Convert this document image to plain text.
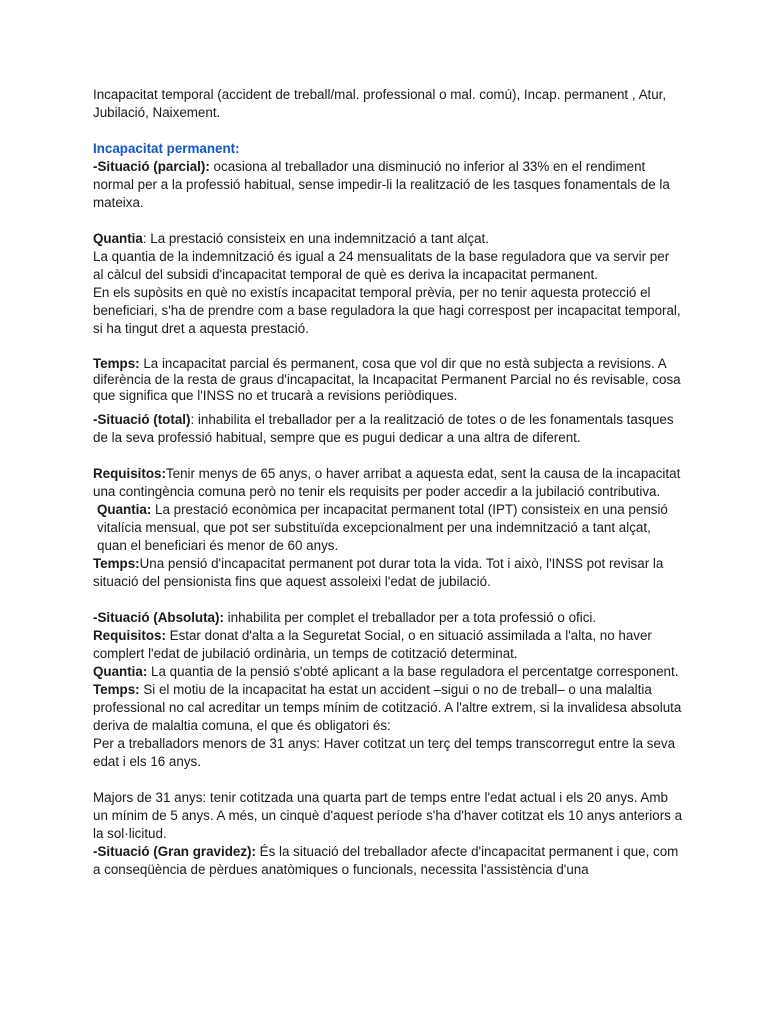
Incapacitat temporal (accident de treball/mal. professional o mal. comú), Incap. permanent , Atur, Jubilació, Naixement.

Incapacitat permanent:

-Situació (parcial): ocasiona al treballador una disminució no inferior al 33% en el rendiment normal per a la professió habitual, sense impedir-li la realització de les tasques fonamentals de la mateixa.

Quantia: La prestació consisteix en una indemnització a tant alçat.

La quantia de la indemnització és igual a 24 mensualitats de la base reguladora que va servir per al càlcul del subsidi d'incapacitat temporal de què es deriva la incapacitat permanent.

En els supòsits en què no existís incapacitat temporal prèvia, per no tenir aquesta protecció el beneficiari, s'ha de prendre com a base reguladora la que hagi correspost per incapacitat temporal, si ha tingut dret a aquesta prestació.

Temps: La incapacitat parcial és permanent, cosa que vol dir que no està subjecta a revisions. A diferència de la resta de graus d'incapacitat, la Incapacitat Permanent Parcial no és revisable, cosa que significa que l'INSS no et trucarà a revisions periòdiques.

-Situació (total): inhabilita el treballador per a la realització de totes o de les fonamentals tasques de la seva professió habitual, sempre que es pugui dedicar a una altra de diferent.

Requisitos:Tenir menys de 65 anys, o haver arribat a aquesta edat, sent la causa de la incapacitat una contingència comuna però no tenir els requisits per poder accedir a la jubilació contributiva.

Quantia: La prestació econòmica per incapacitat permanent total (IPT) consisteix en una pensió vitalícia mensual, que pot ser substituïda excepcionalment per una indemnització a tant alçat, quan el beneficiari és menor de 60 anys.

Temps:Una pensió d'incapacitat permanent pot durar tota la vida. Tot i això, l'INSS pot revisar la situació del pensionista fins que aquest assoleixi l'edat de jubilació.

-Situació (Absoluta): inhabilita per complet el treballador per a tota professió o ofici.

Requisitos: Estar donat d'alta a la Seguretat Social, o en situació assimilada a l'alta, no haver complert l'edat de jubilació ordinària, un temps de cotització determinat.

Quantia: La quantia de la pensió s'obté aplicant a la base reguladora el percentatge corresponent.

Temps: Si el motiu de la incapacitat ha estat un accident –sigui o no de treball– o una malaltia professional no cal acreditar un temps mínim de cotització. A l'altre extrem, si la invalidesa absoluta deriva de malaltia comuna, el que és obligatori és:

Per a treballadors menors de 31 anys: Haver cotitzat un terç del temps transcorregut entre la seva edat i els 16 anys.

Majors de 31 anys: tenir cotitzada una quarta part de temps entre l'edat actual i els 20 anys. Amb un mínim de 5 anys. A més, un cinquè d'aquest període s'ha d'haver cotitzat els 10 anys anteriors a la sol·licitud.

-Situació (Gran gravidez): És la situació del treballador afecte d'incapacitat permanent i que, com a conseqüència de pèrdues anatòmiques o funcionals, necessita l'assistència d'una
